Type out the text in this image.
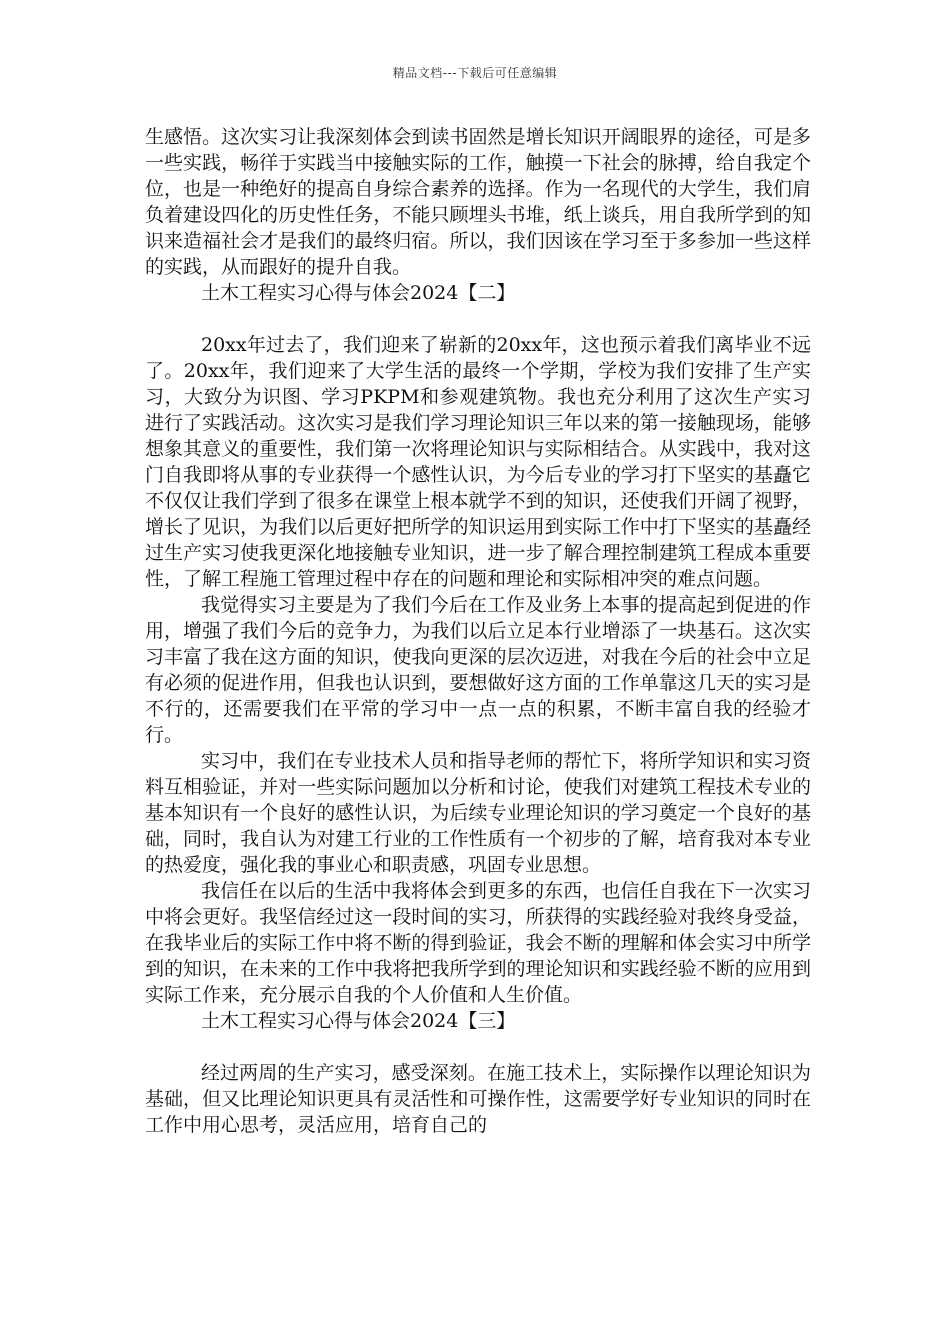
精品文档---下载后可任意编辑

生感悟。这次实习让我深刻体会到读书固然是增长知识开阔眼界的途径，可是多一些实践，畅徉于实践当中接触实际的工作，触摸一下社会的脉搏，给自我定个位，也是一种绝好的提高自身综合素养的选择。作为一名现代的大学生，我们肩负着建设四化的历史性任务，不能只顾埋头书堆，纸上谈兵，用自我所学到的知识来造福社会才是我们的最终归宿。所以，我们因该在学习至于多参加一些这样的实践，从而跟好的提升自我。

土木工程实习心得与体会2024【二】

20xx年过去了，我们迎来了崭新的20xx年，这也预示着我们离毕业不远了。20xx年，我们迎来了大学生活的最终一个学期，学校为我们安排了生产实习，大致分为识图、学习PKPM和参观建筑物。我也充分利用了这次生产实习进行了实践活动。这次实习是我们学习理论知识三年以来的第一接触现场，能够想象其意义的重要性，我们第一次将理论知识与实际相结合。从实践中，我对这门自我即将从事的专业获得一个感性认识，为今后专业的学习打下坚实的基矗它不仅仅让我们学到了很多在课堂上根本就学不到的知识，还使我们开阔了视野，增长了见识，为我们以后更好把所学的知识运用到实际工作中打下坚实的基矗经过生产实习使我更深化地接触专业知识，进一步了解合理控制建筑工程成本重要性，了解工程施工管理过程中存在的问题和理论和实际相冲突的难点问题。

我觉得实习主要是为了我们今后在工作及业务上本事的提高起到促进的作用，增强了我们今后的竞争力，为我们以后立足本行业增添了一块基石。这次实习丰富了我在这方面的知识，使我向更深的层次迈进，对我在今后的社会中立足有必须的促进作用，但我也认识到，要想做好这方面的工作单靠这几天的实习是不行的，还需要我们在平常的学习中一点一点的积累，不断丰富自我的经验才行。

实习中，我们在专业技术人员和指导老师的帮忙下，将所学知识和实习资料互相验证，并对一些实际问题加以分析和讨论，使我们对建筑工程技术专业的基本知识有一个良好的感性认识，为后续专业理论知识的学习奠定一个良好的基础，同时，我自认为对建工行业的工作性质有一个初步的了解，培育我对本专业的热爱度，强化我的事业心和职责感，巩固专业思想。

我信任在以后的生活中我将体会到更多的东西，也信任自我在下一次实习中将会更好。我坚信经过这一段时间的实习，所获得的实践经验对我终身受益，在我毕业后的实际工作中将不断的得到验证，我会不断的理解和体会实习中所学到的知识，在未来的工作中我将把我所学到的理论知识和实践经验不断的应用到实际工作来，充分展示自我的个人价值和人生价值。

土木工程实习心得与体会2024【三】

经过两周的生产实习，感受深刻。在施工技术上，实际操作以理论知识为基础，但又比理论知识更具有灵活性和可操作性，这需要学好专业知识的同时在工作中用心思考，灵活应用，培育自己的
